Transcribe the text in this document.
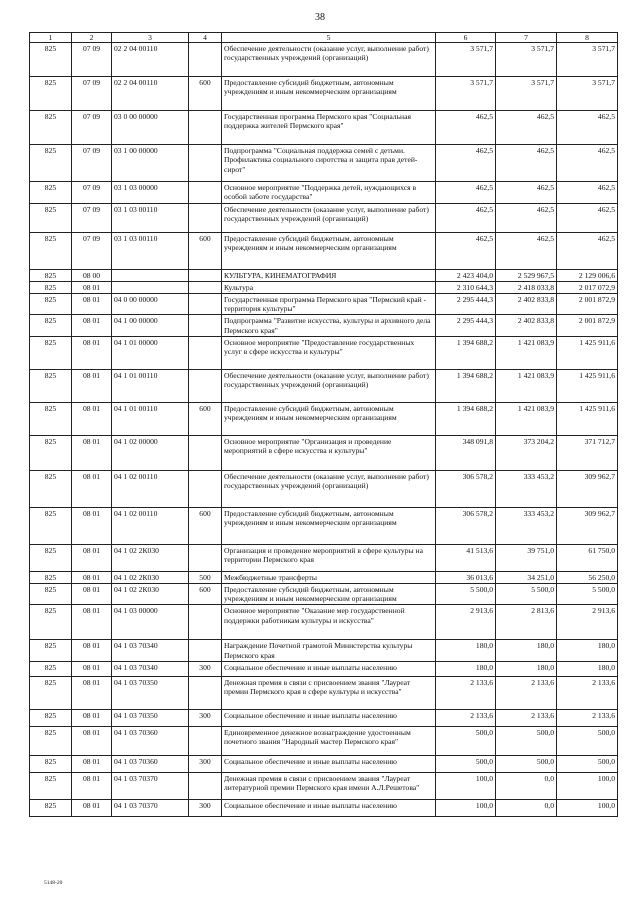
38
1	2	3	4	5	6	7	8
825	07 09	02 2 04 00110		Обеспечение деятельности (оказание услуг, выполнение работ) государственных учреждений (организаций)	3 571,7	3 571,7	3 571,7
825	07 09	02 2 04 00110	600	Предоставление субсидий бюджетным, автономным учреждениям и иным некоммерческим организациям	3 571,7	3 571,7	3 571,7
825	07 09	03 0 00 00000		Государственная программа Пермского края "Социальная поддержка жителей Пермского края"	462,5	462,5	462,5
825	07 09	03 1 00 00000		Подпрограмма "Социальная поддержка семей с детьми. Профилактика социального сиротства и защита прав детей-сирот"	462,5	462,5	462,5
825	07 09	03 1 03 00000		Основное мероприятие "Поддержка детей, нуждающихся в особой заботе государства"	462,5	462,5	462,5
825	07 09	03 1 03 00110		Обеспечение деятельности (оказание услуг, выполнение работ) государственных учреждений (организаций)	462,5	462,5	462,5
825	07 09	03 1 03 00110	600	Предоставление субсидий бюджетным, автономным учреждениям и иным некоммерческим организациям	462,5	462,5	462,5
825	08 00			КУЛЬТУРА, КИНЕМАТОГРАФИЯ	2 423 404,0	2 529 967,5	2 129 006,6
825	08 01			Культура	2 310 644,3	2 418 033,8	2 017 072,9
825	08 01	04 0 00 00000		Государственная программа Пермского края "Пермский край - территория культуры"	2 295 444,3	2 402 833,8	2 001 872,9
825	08 01	04 1 00 00000		Подпрограмма "Развитие искусства, культуры и архивного дела Пермского края"	2 295 444,3	2 402 833,8	2 001 872,9
825	08 01	04 1 01 00000		Основное мероприятие "Предоставление государственных услуг в сфере искусства и культуры"	1 394 688,2	1 421 083,9	1 425 911,6
825	08 01	04 1 01 00110		Обеспечение деятельности (оказание услуг, выполнение работ) государственных учреждений (организаций)	1 394 688,2	1 421 083,9	1 425 911,6
825	08 01	04 1 01 00110	600	Предоставление субсидий бюджетным, автономным учреждениям и иным некоммерческим организациям	1 394 688,2	1 421 083,9	1 425 911,6
825	08 01	04 1 02 00000		Основное мероприятие "Организация и проведение мероприятий в сфере искусства и культуры"	348 091,8	373 204,2	371 712,7
825	08 01	04 1 02 00110		Обеспечение деятельности (оказание услуг, выполнение работ) государственных учреждений (организаций)	306 578,2	333 453,2	309 962,7
825	08 01	04 1 02 00110	600	Предоставление субсидий бюджетным, автономным учреждениям и иным некоммерческим организациям	306 578,2	333 453,2	309 962,7
825	08 01	04 1 02 2К030		Организация и проведение мероприятий в сфере культуры на территории Пермского края	41 513,6	39 751,0	61 750,0
825	08 01	04 1 02 2К030	500	Межбюджетные трансферты	36 013,6	34 251,0	56 250,0
825	08 01	04 1 02 2К030	600	Предоставление субсидий бюджетным, автономным учреждениям и иным некоммерческим организациям	5 500,0	5 500,0	5 500,0
825	08 01	04 1 03 00000		Основное мероприятие "Оказание мер государственной поддержки работникам культуры и искусства"	2 913,6	2 813,6	2 913,6
825	08 01	04 1 03 70340		Награждение Почетной грамотой Министерства культуры Пермского края	180,0	180,0	180,0
825	08 01	04 1 03 70340	300	Социальное обеспечение и иные выплаты населению	180,0	180,0	180,0
825	08 01	04 1 03 70350		Денежная премия в связи с присвоением звания "Лауреат премии Пермского края в сфере культуры и искусства"	2 133,6	2 133,6	2 133,6
825	08 01	04 1 03 70350	300	Социальное обеспечение и иные выплаты населению	2 133,6	2 133,6	2 133,6
825	08 01	04 1 03 70360		Единовременное денежное вознаграждение удостоенным почетного звания "Народный мастер Пермского края"	500,0	500,0	500,0
825	08 01	04 1 03 70360	300	Социальное обеспечение и иные выплаты населению	500,0	500,0	500,0
825	08 01	04 1 03 70370		Денежная премия в связи с присвоением звания "Лауреат литературной премии Пермского края имени А.Л.Решетова"	100,0	0,0	100,0
825	08 01	04 1 03 70370	300	Социальное обеспечение и иные выплаты населению	100,0	0,0	100,0
5148-20
